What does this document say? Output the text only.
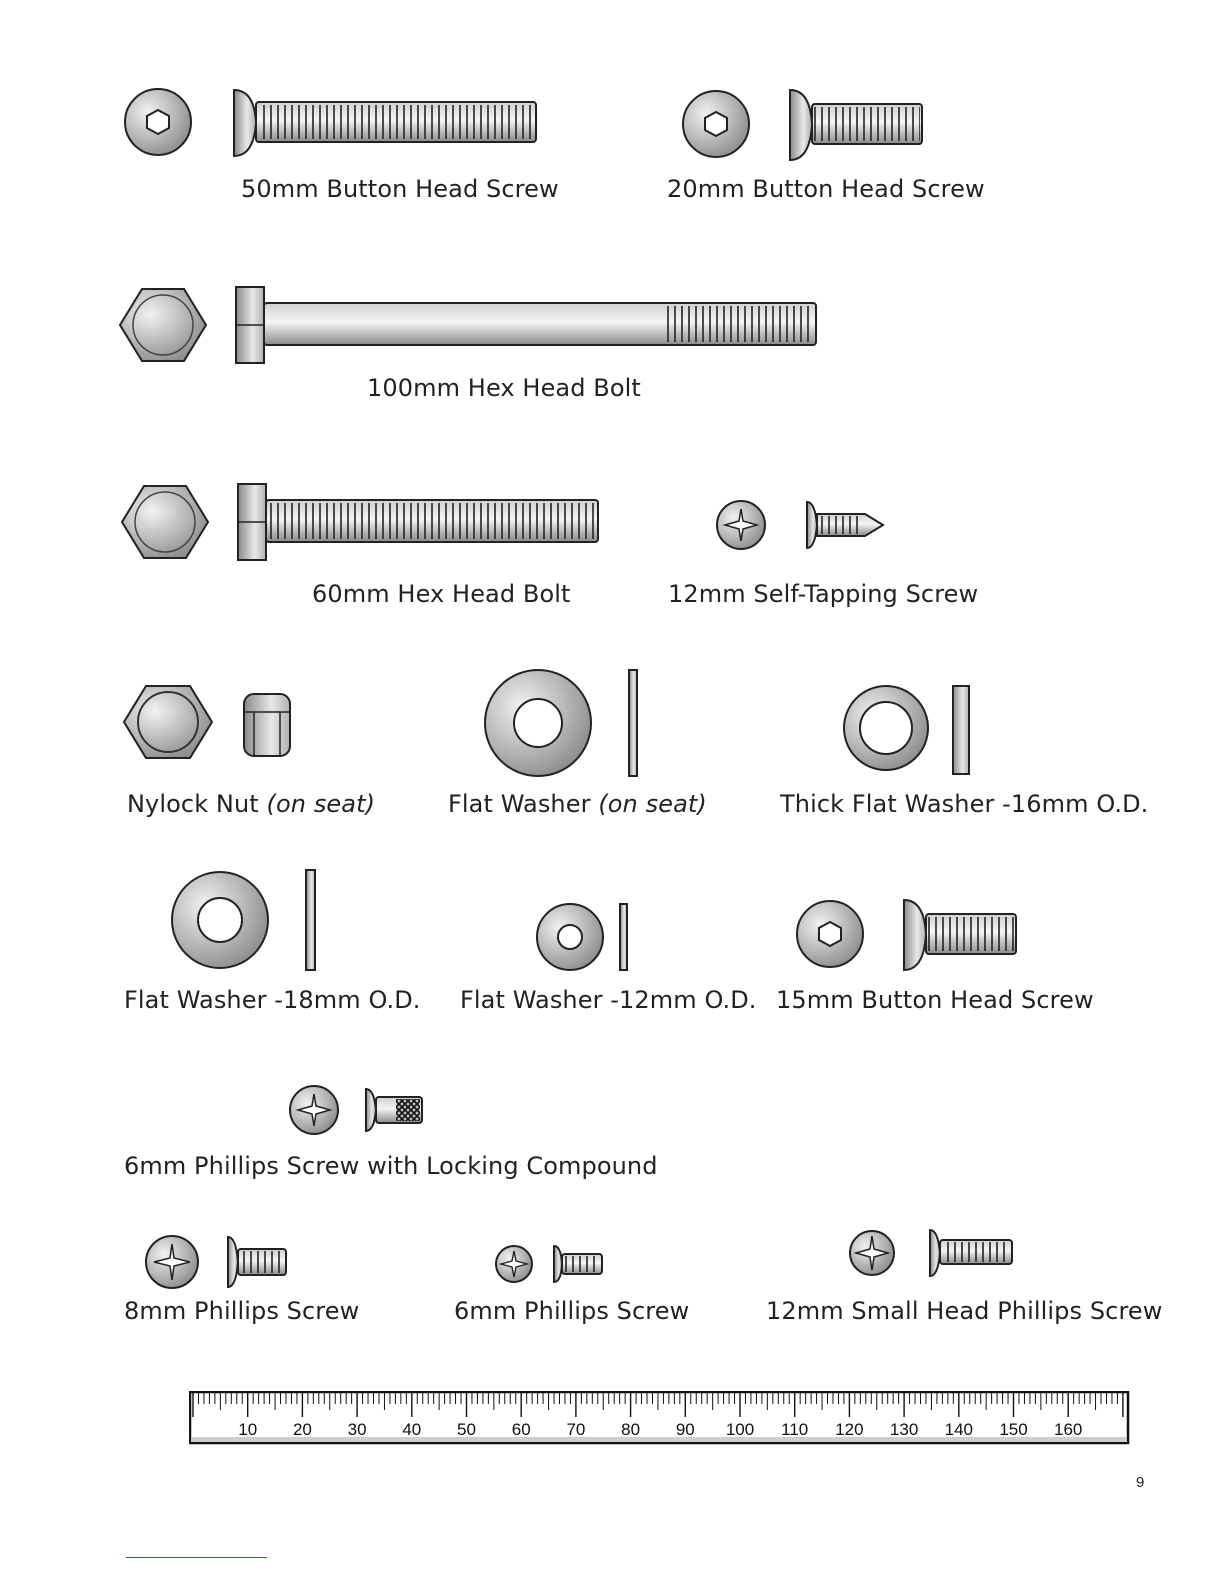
50mm Button Head Screw	20mm Button Head Screw
100mm Hex Head Bolt
60mm Hex Head Bolt	12mm Self-Tapping Screw
Nylock Nut (on seat)	Flat Washer (on seat)	Thick Flat Washer -16mm O.D.
Flat Washer -18mm O.D. Flat Washer -12mm O.D. 15mm Button Head Screw
6mm Phillips Screw with Locking Compound
8mm Phillips Screw	6mm Phillips Screw	12mm Small Head Phillips Screw
10 20 30 40 50 60 70 80 90 100 110 120 130 140 150 160
9
